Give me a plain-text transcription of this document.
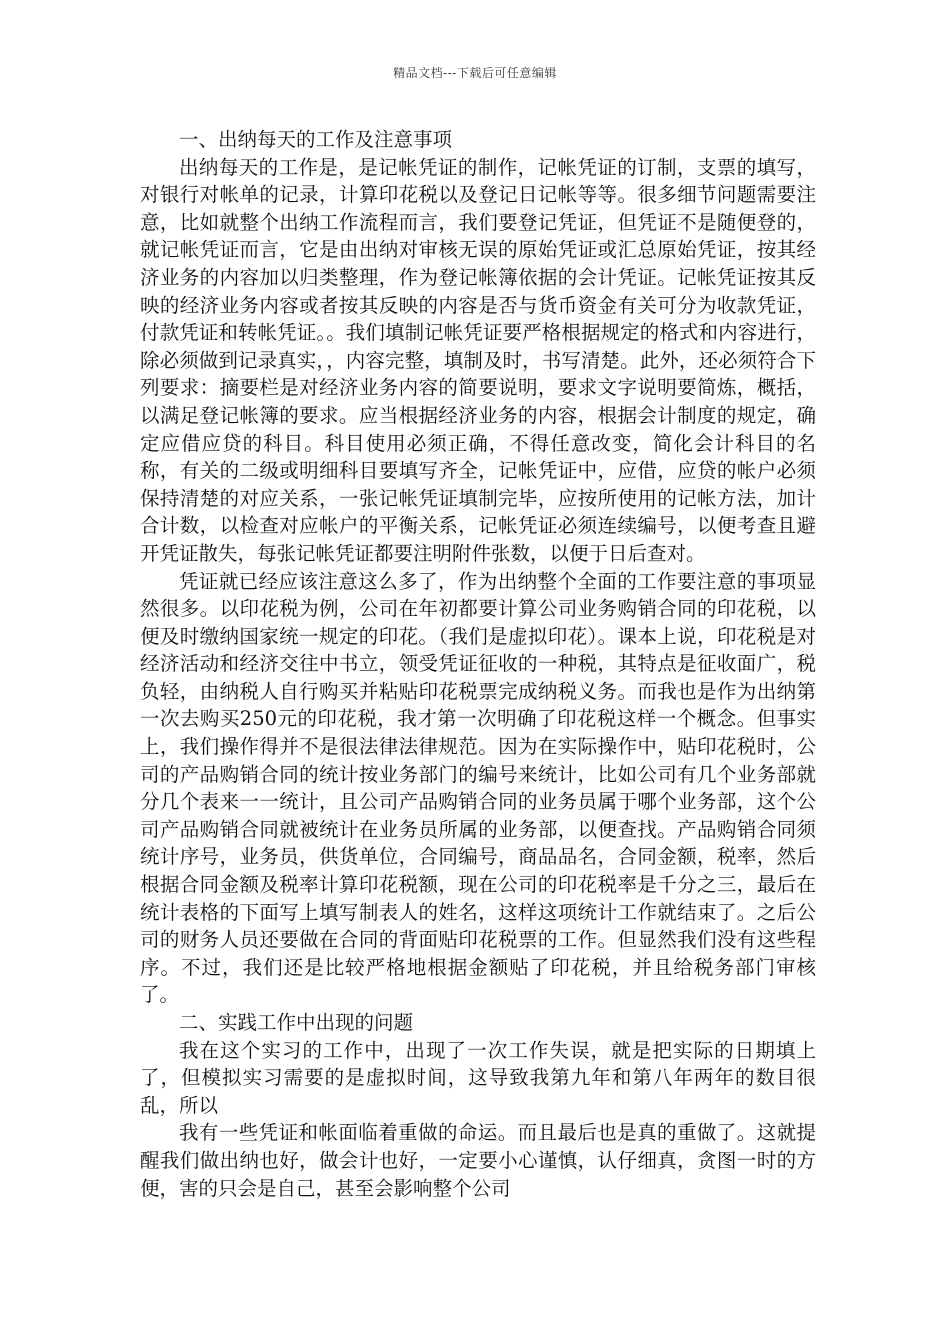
精品文档---下载后可任意编辑
一、出纳每天的工作及注意事项

出纳每天的工作是，是记帐凭证的制作，记帐凭证的订制，支票的填写，对银行对帐单的记录，计算印花税以及登记日记帐等等。很多细节问题需要注意，比如就整个出纳工作流程而言，我们要登记凭证，但凭证不是随便登的，就记帐凭证而言，它是由出纳对审核无误的原始凭证或汇总原始凭证，按其经济业务的内容加以归类整理，作为登记帐簿依据的会计凭证。记帐凭证按其反映的经济业务内容或者按其反映的内容是否与货币资金有关可分为收款凭证，付款凭证和转帐凭证。。我们填制记帐凭证要严格根据规定的格式和内容进行，除必须做到记录真实，，内容完整，填制及时，书写清楚。此外，还必须符合下列要求：摘要栏是对经济业务内容的简要说明，要求文字说明要简炼，概括，以满足登记帐簿的要求。应当根据经济业务的内容，根据会计制度的规定，确定应借应贷的科目。科目使用必须正确，不得任意改变，简化会计科目的名称，有关的二级或明细科目要填写齐全，记帐凭证中，应借，应贷的帐户必须保持清楚的对应关系，一张记帐凭证填制完毕，应按所使用的记帐方法，加计合计数，以检查对应帐户的平衡关系，记帐凭证必须连续编号，以便考查且避开凭证散失，每张记帐凭证都要注明附件张数，以便于日后查对。

凭证就已经应该注意这么多了，作为出纳整个全面的工作要注意的事项显然很多。以印花税为例，公司在年初都要计算公司业务购销合同的印花税，以便及时缴纳国家统一规定的印花。（我们是虚拟印花）。课本上说，印花税是对经济活动和经济交往中书立，领受凭证征收的一种税，其特点是征收面广，税负轻，由纳税人自行购买并粘贴印花税票完成纳税义务。而我也是作为出纳第一次去购买250元的印花税，我才第一次明确了印花税这样一个概念。但事实上，我们操作得并不是很法律法律规范。因为在实际操作中，贴印花税时，公司的产品购销合同的统计按业务部门的编号来统计，比如公司有几个业务部就分几个表来一一统计，且公司产品购销合同的业务员属于哪个业务部，这个公司产品购销合同就被统计在业务员所属的业务部，以便查找。产品购销合同须统计序号，业务员，供货单位，合同编号，商品品名，合同金额，税率，然后根据合同金额及税率计算印花税额，现在公司的印花税率是千分之三，最后在统计表格的下面写上填写制表人的姓名，这样这项统计工作就结束了。之后公司的财务人员还要做在合同的背面贴印花税票的工作。但显然我们没有这些程序。不过，我们还是比较严格地根据金额贴了印花税，并且给税务部门审核了。

二、实践工作中出现的问题

我在这个实习的工作中，出现了一次工作失误，就是把实际的日期填上了，但模拟实习需要的是虚拟时间，这导致我第九年和第八年两年的数目很乱，所以

我有一些凭证和帐面临着重做的命运。而且最后也是真的重做了。这就提醒我们做出纳也好，做会计也好，一定要小心谨慎，认仔细真，贪图一时的方便，害的只会是自己，甚至会影响整个公司
